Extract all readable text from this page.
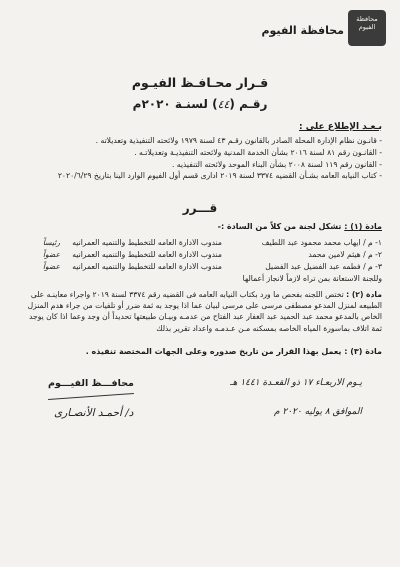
محافظة الفيوم
محافظة الفيوم
قـرار محـافـظ الفيـوم
رقـم (٤٤) لسنـة ٢٠٢٠م
بـعـد الإطلاع على :
- قانـون نظام الإدارة المحلة الصادر بالقانون رقـم ٤٣ لسنة ١٩٧٩ ولائحته التنفيذية وتعديلاته .
- القانـون رقم ٨١ لسنة ٢٠١٦ بشأن الخدمة المدنية ولائحته التنفيذيـة وتعديلاتـه .
- القانون رقم ١١٩ لسنة ٢٠٠٨ بشأن البناء الموحد ولائحته التنفيذيه .
- كتاب النيابه العامه بشـأن القضيه ٣٣٧٤ لسنة ٢٠١٩ ادارى قسم أول الفيوم الوارد الينا بتاريخ ٢٠٢٠/٦/٢٩
قـــرر
مادة (١) : تشكل لجنة من كلاً من السادة :-
١- م / ايهاب محمد محمود عبد اللطيف
مندوب الادارة العامه للتخطيط والتنميه العمرانيه
رئيساً
٢- م / هيثم لامين محمد
مندوب الادارة العامه للتخطيط والتنميه العمرانيه
عضواً
٣- م / فطمه عبد الفضيل عبد الفضيل
مندوب الادارة العامه للتخطيط والتنميه العمرانيه
عضواً
وللجنة الاستعانة بمن تراه لازماً لانجاز أعمالها
مادة (٢) : تختص اللجنه بفحص ما ورد بكتاب النيابه العامه فى القضيه رقم ٣٣٧٤ لسنة ٢٠١٩ واجراء معاينـه على الطبيعه لمنزل المدعو مصطفى مرسى على مرسى لبيان عما اذا يوجد به ثمة ضرر أو تلفيات من جراء هدم المنزل الخاص بالمدعو محمد عبد الحميد عبد الغفار عبد الفتاح من عدمـه وبيـان طبيعتها تحديداً أن وجد وعما اذا كان يوجد ثمة اتلاف بماسورة المياه الخاصه بمسكنه مـن عـدمـه واعداد تقرير بذلك
مادة (٣) : يعمل بهذا القرار من تاريخ صدوره وعلى الجهات المختصة تنفيذه .
يـوم الاربعـاء ١٧ ذو القعـدة ١٤٤١ هـ
الموافق ٨ يوليه ٢٠٢٠ م
محافـــظ الفيـــوم
د/ أحمـد الأنصـارى
